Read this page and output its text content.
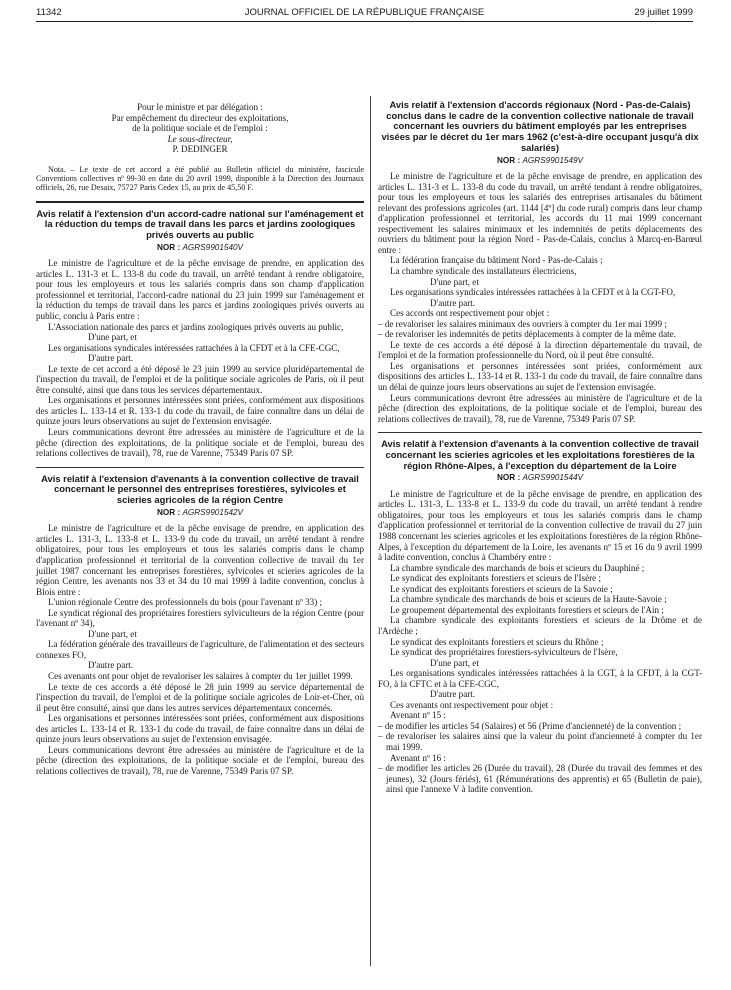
11342	JOURNAL OFFICIEL DE LA RÉPUBLIQUE FRANÇAISE	29 juillet 1999

Pour le ministre et par délégation :

Par empêchement du directeur des exploitations,

de la politique sociale et de l'emploi :

Le sous-directeur,

P. DEDINGER

Nota. – Le texte de cet accord a été publié au Bulletin officiel du ministère, fascicule Conventions collectives nº 99-30 en date du 20 avril 1999, disponible à la Direction des Journaux officiels, 26, rue Desaix, 75727 Paris Cedex 15, au prix de 45,50 F.

Avis relatif à l'extension d'un accord-cadre national sur l'aménagement et la réduction du temps de travail dans les parcs et jardins zoologiques privés ouverts au public
NOR : AGRS9901540V

Le ministre de l'agriculture et de la pêche envisage de prendre, en application des articles L. 131-3 et L. 133-8 du code du travail, un arrêté tendant à rendre obligatoire, pour tous les employeurs et tous les salariés compris dans son champ d'application professionnel et territorial, l'accord-cadre national du 23 juin 1999 sur l'aménagement et la réduction du temps de travail dans les parcs et jardins zoologiques privés ouverts au public, conclu à Paris entre :

L'Association nationale des parcs et jardins zoologiques privés ouverts au public,

D'une part, et

Les organisations syndicales intéressées rattachées à la CFDT et à la CFE-CGC,

D'autre part.

Le texte de cet accord a été déposé le 23 juin 1999 au service pluridépartemental de l'inspection du travail, de l'emploi et de la politique sociale agricoles de Paris, où il peut être consulté, ainsi que dans tous les services départementaux.

Les organisations et personnes intéressées sont priées, conformément aux dispositions des articles L. 133-14 et R. 133-1 du code du travail, de faire connaître dans un délai de quinze jours leurs observations au sujet de l'extension envisagée.

Leurs communications devront être adressées au ministère de l'agriculture et de la pêche (direction des exploitations, de la politique sociale et de l'emploi, bureau des relations collectives de travail), 78, rue de Varenne, 75349 Paris 07 SP.

Avis relatif à l'extension d'avenants à la convention collective de travail concernant le personnel des entreprises forestières, sylvicoles et scieries agricoles de la région Centre
NOR : AGRS9901542V

Le ministre de l'agriculture et de la pêche envisage de prendre, en application des articles L. 131-3, L. 133-8 et L. 133-9 du code du travail, un arrêté tendant à rendre obligatoires, pour tous les employeurs et tous les salariés compris dans le champ d'application professionnel et territorial de la convention collective de travail du 1er juillet 1987 concernant les entreprises forestières, sylvicoles et scieries agricoles de la région Centre, les avenants nos 33 et 34 du 10 mai 1999 à ladite convention, conclus à Blois entre :

L'union régionale Centre des professionnels du bois (pour l'avenant nº 33) ;

Le syndicat régional des propriétaires forestiers sylviculteurs de la région Centre (pour l'avenant nº 34),

D'une part, et

La fédération générale des travailleurs de l'agriculture, de l'alimentation et des secteurs connexes FO,

D'autre part.

Ces avenants ont pour objet de revaloriser les salaires à compter du 1er juillet 1999.

Le texte de ces accords a été déposé le 28 juin 1999 au service départemental de l'inspection du travail, de l'emploi et de la politique sociale agricoles de Loir-et-Cher, où il peut être consulté, ainsi que dans les autres services départementaux concernés.

Les organisations et personnes intéressées sont priées, conformément aux dispositions des articles L. 133-14 et R. 133-1 du code du travail, de faire connaître dans un délai de quinze jours leurs observations au sujet de l'extension envisagée.

Leurs communications devront être adressées au ministère de l'agriculture et de la pêche (direction des exploitations, de la politique sociale et de l'emploi, bureau des relations collectives de travail), 78, rue de Varenne, 75349 Paris 07 SP.

Avis relatif à l'extension d'accords régionaux (Nord - Pas-de-Calais) conclus dans le cadre de la convention collective nationale de travail concernant les ouvriers du bâtiment employés par les entreprises visées par le décret du 1er mars 1962 (c'est-à-dire occupant jusqu'à dix salariés)
NOR : AGRS9901549V

Le ministre de l'agriculture et de la pêche envisage de prendre, en application des articles L. 131-3 et L. 133-8 du code du travail, un arrêté tendant à rendre obligatoires, pour tous les employeurs et tous les salariés des entreprises artisanales du bâtiment relevant des professions agricoles (art. 1144 [4º] du code rural) compris dans leur champ d'application professionnel et territorial, les accords du 11 mai 1999 concernant respectivement les salaires minimaux et les indemnités de petits déplacements des ouvriers du bâtiment pour la région Nord - Pas-de-Calais, conclus à Marcq-en-Barœul entre :

La fédération française du bâtiment Nord - Pas-de-Calais ;

La chambre syndicale des installateurs électriciens,

D'une part, et

Les organisations syndicales intéressées rattachées à la CFDT et à la CGT-FO,

D'autre part.

Ces accords ont respectivement pour objet :

– de revaloriser les salaires minimaux des ouvriers à compter du 1er mai 1999 ;

– de revaloriser les indemnités de petits déplacements à compter de la même date.

Le texte de ces accords a été déposé à la direction départementale du travail, de l'emploi et de la formation professionnelle du Nord, où il peut être consulté.

Les organisations et personnes intéressées sont priées, conformément aux dispositions des articles L. 133-14 et R. 133-1 du code du travail, de faire connaître dans un délai de quinze jours leurs observations au sujet de l'extension envisagée.

Leurs communications devront être adressées au ministère de l'agriculture et de la pêche (direction des exploitations, de la politique sociale et de l'emploi, bureau des relations collectives de travail), 78, rue de Varenne, 75349 Paris 07 SP.

Avis relatif à l'extension d'avenants à la convention collective de travail concernant les scieries agricoles et les exploitations forestières de la région Rhône-Alpes, à l'exception du département de la Loire
NOR : AGRS9901544V

Le ministre de l'agriculture et de la pêche envisage de prendre, en application des articles L. 131-3, L. 133-8 et L. 133-9 du code du travail, un arrêté tendant à rendre obligatoires, pour tous les employeurs et tous les salariés compris dans le champ d'application professionnel et territorial de la convention collective de travail du 27 juin 1988 concernant les scieries agricoles et les exploitations forestières de la région Rhône-Alpes, à l'exception du département de la Loire, les avenants nº 15 et 16 du 9 avril 1999 à ladite convention, conclus à Chambéry entre :

La chambre syndicale des marchands de bois et scieurs du Dauphiné ;

Le syndicat des exploitants forestiers et scieurs de l'Isère ;

Le syndicat des exploitants forestiers et scieurs de la Savoie ;

La chambre syndicale des marchands de bois et scieurs de la Haute-Savoie ;

Le groupement départemental des exploitants forestiers et scieurs de l'Ain ;

La chambre syndicale des exploitants forestiers et scieurs de la Drôme et de l'Ardèche ;

Le syndicat des exploitants forestiers et scieurs du Rhône ;

Le syndicat des propriétaires forestiers-sylviculteurs de l'Isère,

D'une part, et

Les organisations syndicales intéressées rattachées à la CGT, à la CFDT, à la CGT-FO, à la CFTC et à la CFE-CGC,

D'autre part.

Ces avenants ont respectivement pour objet :

Avenant nº 15 :

– de modifier les articles 54 (Salaires) et 56 (Prime d'ancienneté) de la convention ;

– de revaloriser les salaires ainsi que la valeur du point d'ancienneté à compter du 1er mai 1999.

Avenant nº 16 :

– de modifier les articles 26 (Durée du travail), 28 (Durée du travail des femmes et des jeunes), 32 (Jours fériés), 61 (Rémunérations des apprentis) et 65 (Bulletin de paie), ainsi que l'annexe V à ladite convention.
